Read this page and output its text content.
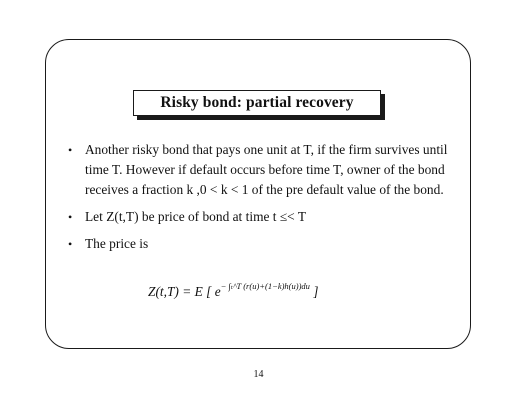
Risky bond: partial recovery
• Another risky bond that pays one unit at T, if the firm survives until time T. However if default occurs before time T, owner of the bond receives a fraction k ,0 < k < 1 of the pre default value of the bond.
• Let Z(t,T) be price of bond at time t ≤< T
• The price is
Z(t,T) = E [ $e^{- \int_t\^{}T (r(u)+(1-k)h(u))du}$ ]
14
